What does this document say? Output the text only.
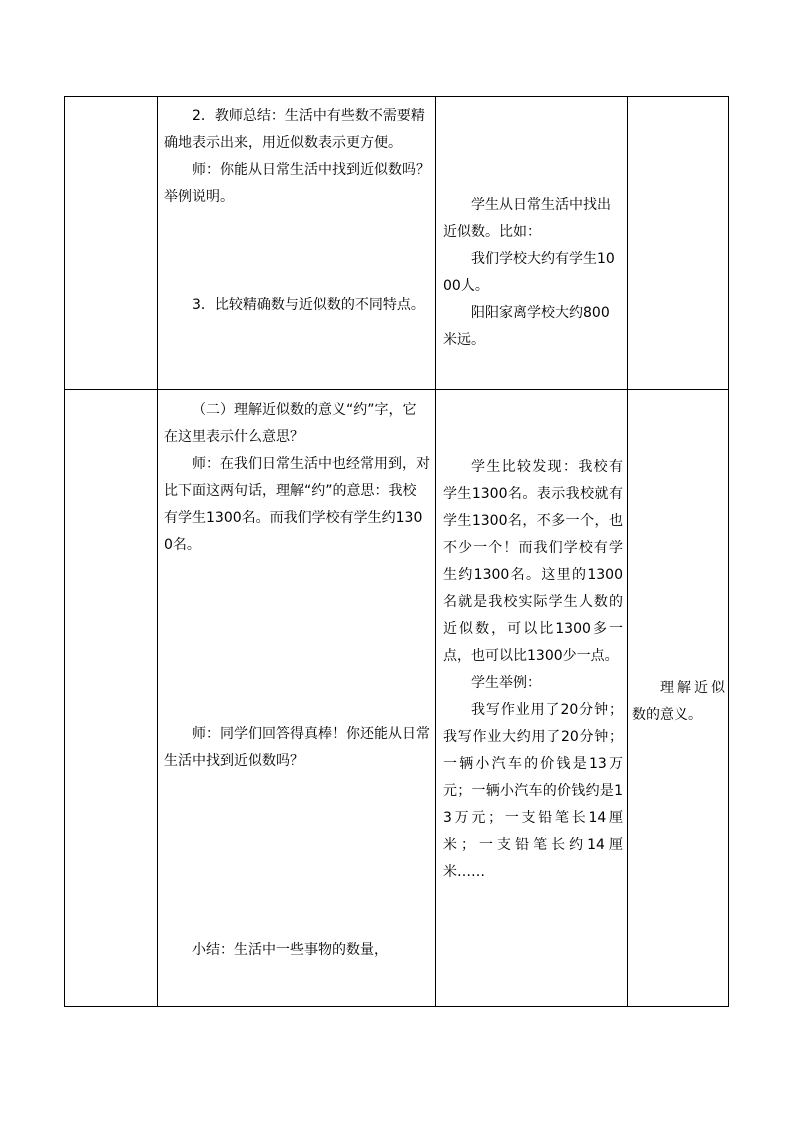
2．教师总结：生活中有些数不需要精确地表示出来，用近似数表示更方便。

师：你能从日常生活中找到近似数吗？举例说明。

3．比较精确数与近似数的不同特点。

学生从日常生活中找出近似数。比如：

我们学校大约有学生1000人。

阳阳家离学校大约800米远。

（二）理解近似数的意义“约”字，它在这里表示什么意思？

师：在我们日常生活中也经常用到，对比下面这两句话，理解“约”的意思：我校有学生1300名。而我们学校有学生约1300名。

师：同学们回答得真棒！你还能从日常生活中找到近似数吗？

小结：生活中一些事物的数量，

学生比较发现：我校有学生1300名。表示我校就有学生1300名，不多一个，也不少一个！而我们学校有学生约1300名。这里的1300名就是我校实际学生人数的近似数，可以比1300多一点，也可以比1300少一点。

学生举例：

我写作业用了20分钟；我写作业大约用了20分钟；一辆小汽车的价钱是13万元；一辆小汽车的价钱约是13万元；一支铅笔长14厘米；一支铅笔长约14厘米……

理解近似数的意义。
